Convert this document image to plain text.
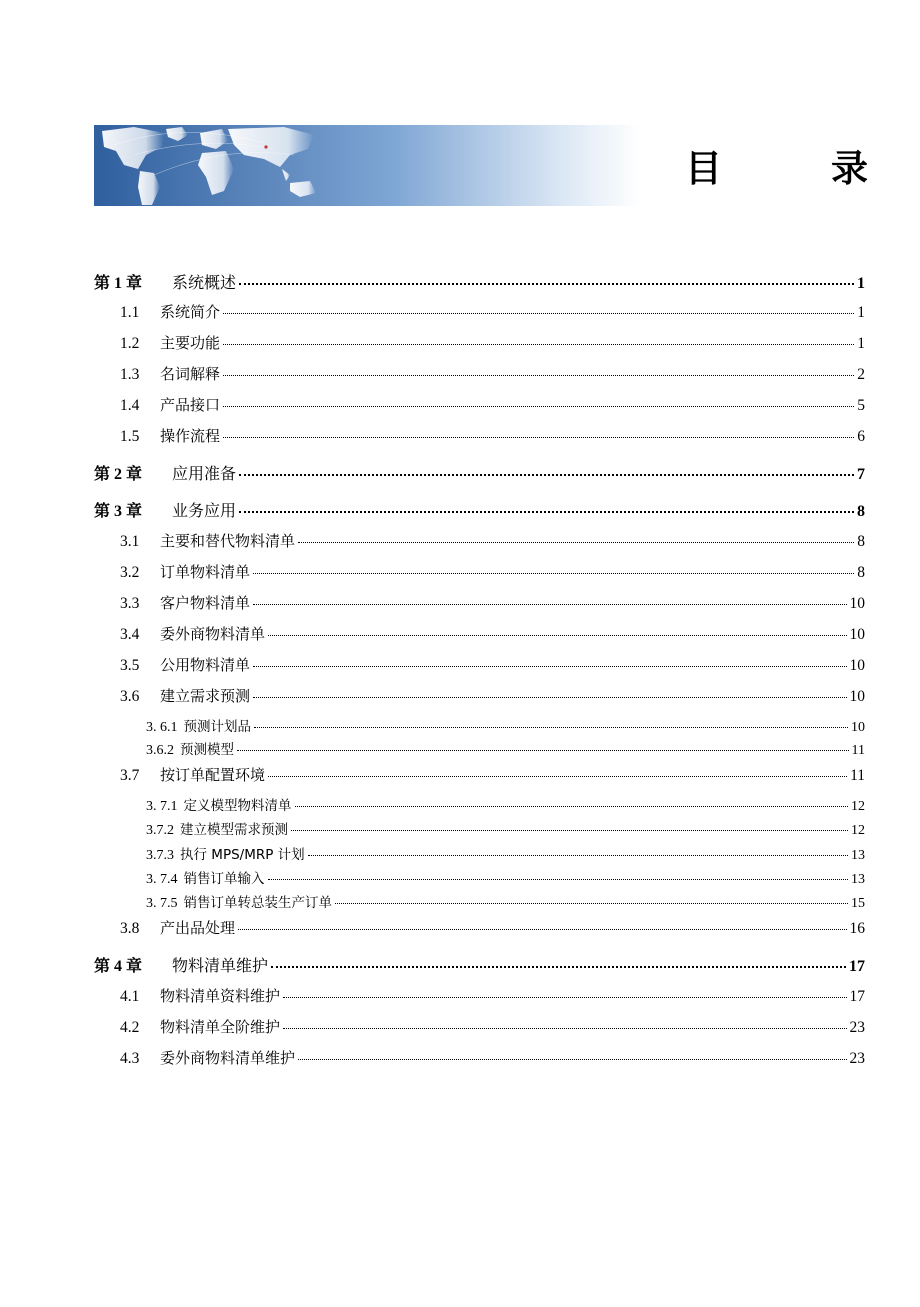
目　录
第 1 章	系统概述	1
1.1	系统简介	1
1.2	主要功能	1
1.3	名词解释	2
1.4	产品接口	5
1.5	操作流程	6
第 2 章	应用准备	7
第 3 章	业务应用	8
3.1	主要和替代物料清单	8
3.2	订单物料清单	8
3.3	客户物料清单	10
3.4	委外商物料清单	10
3.5	公用物料清单	10
3.6	建立需求预测	10
3. 6.1 预测计划品	10
3.6.2 预测模型	11
3.7	按订单配置环境	11
3. 7.1 定义模型物料清单	12
3.7.2 建立模型需求预测	12
3.7.3 执行 MPS/MRP 计划	13
3. 7.4 销售订单输入	13
3. 7.5 销售订单转总装生产订单	15
3.8	产出品处理	16
第 4 章	物料清单维护	17
4.1	物料清单资料维护	17
4.2	物料清单全阶维护	23
4.3	委外商物料清单维护	23
